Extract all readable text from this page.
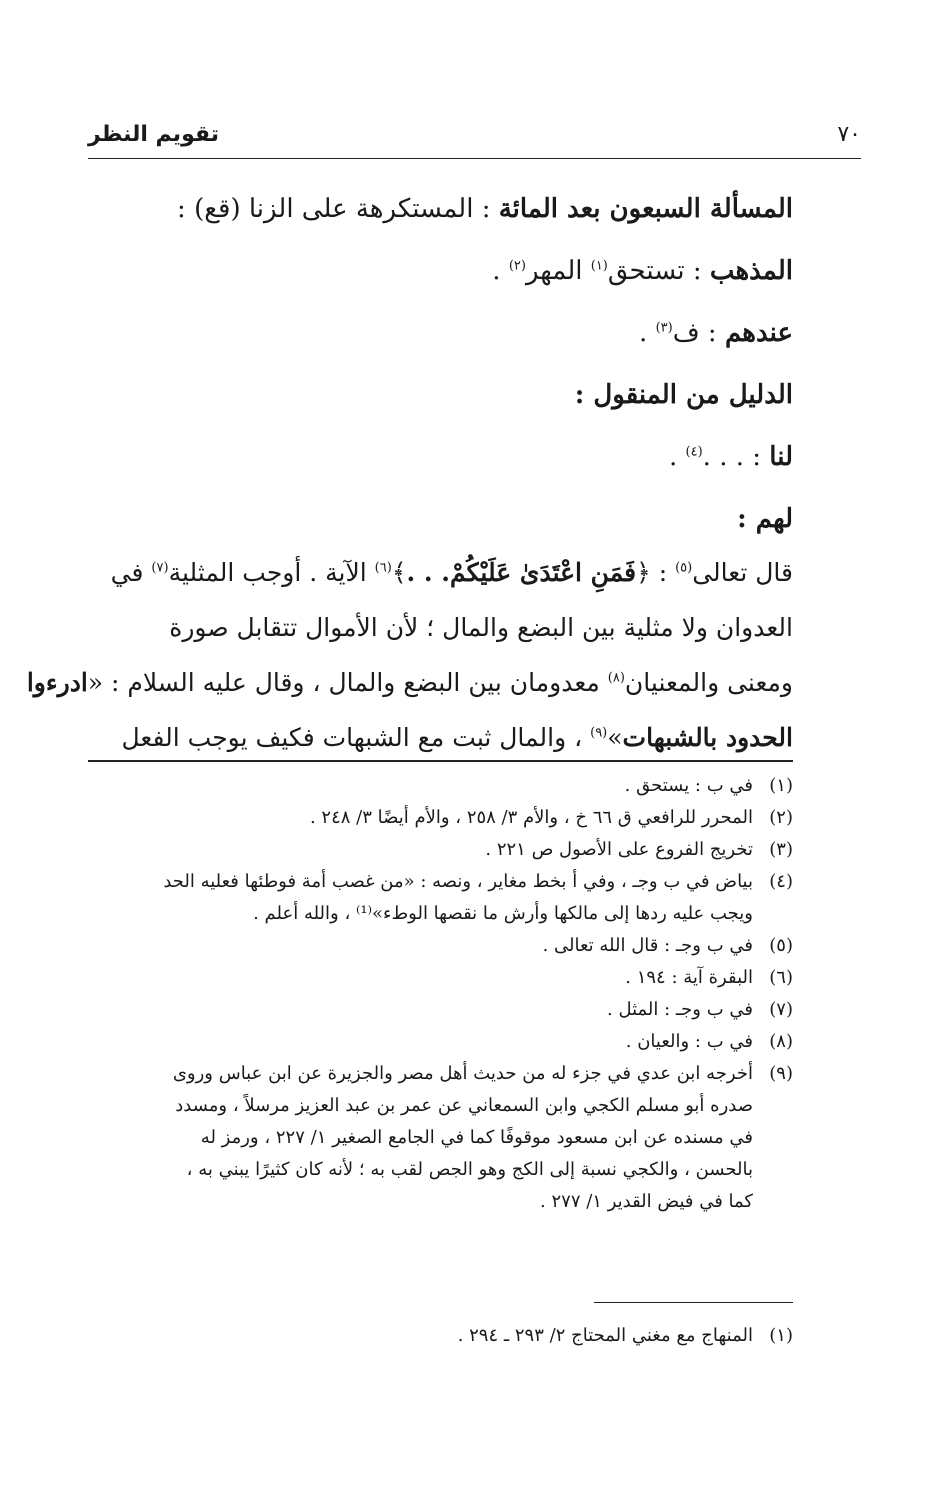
تقويم النظر	٧٠
المسألة السبعون بعد المائة : المستكرهة على الزنا (قع) :
المذهب : تستحق$^{(١)}$ المهر$^{(٢)}$ .
عندهم : ف$^{(٣)}$ .
الدليل من المنقول :
لنا : . . .$^{(٤)}$ .
لهم :
قال تعالى$^{(٥)}$ : ﴿فَمَنِ اعْتَدَىٰ عَلَيْكُمْ. . .﴾$^{(٦)}$ الآية . أوجب المثلية$^{(٧)}$ في
العدوان ولا مثلية بين البضع والمال ؛ لأن الأموال تتقابل صورة
ومعنى والمعنيان$^{(٨)}$ معدومان بين البضع والمال ، وقال عليه السلام : «ادرءوا
الحدود بالشبهات»$^{(٩)}$ ، والمال ثبت مع الشبهات فكيف يوجب الفعل
(١)
في ب : يستحق .
(٢)
المحرر للرافعي ق ٦٦ خ ، والأم ٣/ ٢٥٨ ، والأم أيضًا ٣/ ٢٤٨ .
(٣)
تخريج الفروع على الأصول ص ٢٢١ .
(٤)
بياض في ب وجـ ، وفي أ بخط مغاير ، ونصه : «من غصب أمة فوطئها فعليه الحد
ويجب عليه ردها إلى مالكها وأرش ما نقصها الوطء»⁽¹⁾ ، والله أعلم .
(٥)
في ب وجـ : قال الله تعالى .
(٦)
البقرة آية : ١٩٤ .
(٧)
في ب وجـ : المثل .
(٨)
في ب : والعيان .
(٩)
أخرجه ابن عدي في جزء له من حديث أهل مصر والجزيرة عن ابن عباس وروى
صدره أبو مسلم الكجي وابن السمعاني عن عمر بن عبد العزيز مرسلاً ، ومسدد
في مسنده عن ابن مسعود موقوفًا كما في الجامع الصغير ١/ ٢٢٧ ، ورمز له
بالحسن ، والكجي نسبة إلى الكج وهو الجص لقب به ؛ لأنه كان كثيرًا يبني به ،
كما في فيض القدير ١/ ٢٧٧ .
(١)
المنهاج مع مغني المحتاج ٢/ ٢٩٣ ـ ٢٩٤ .
